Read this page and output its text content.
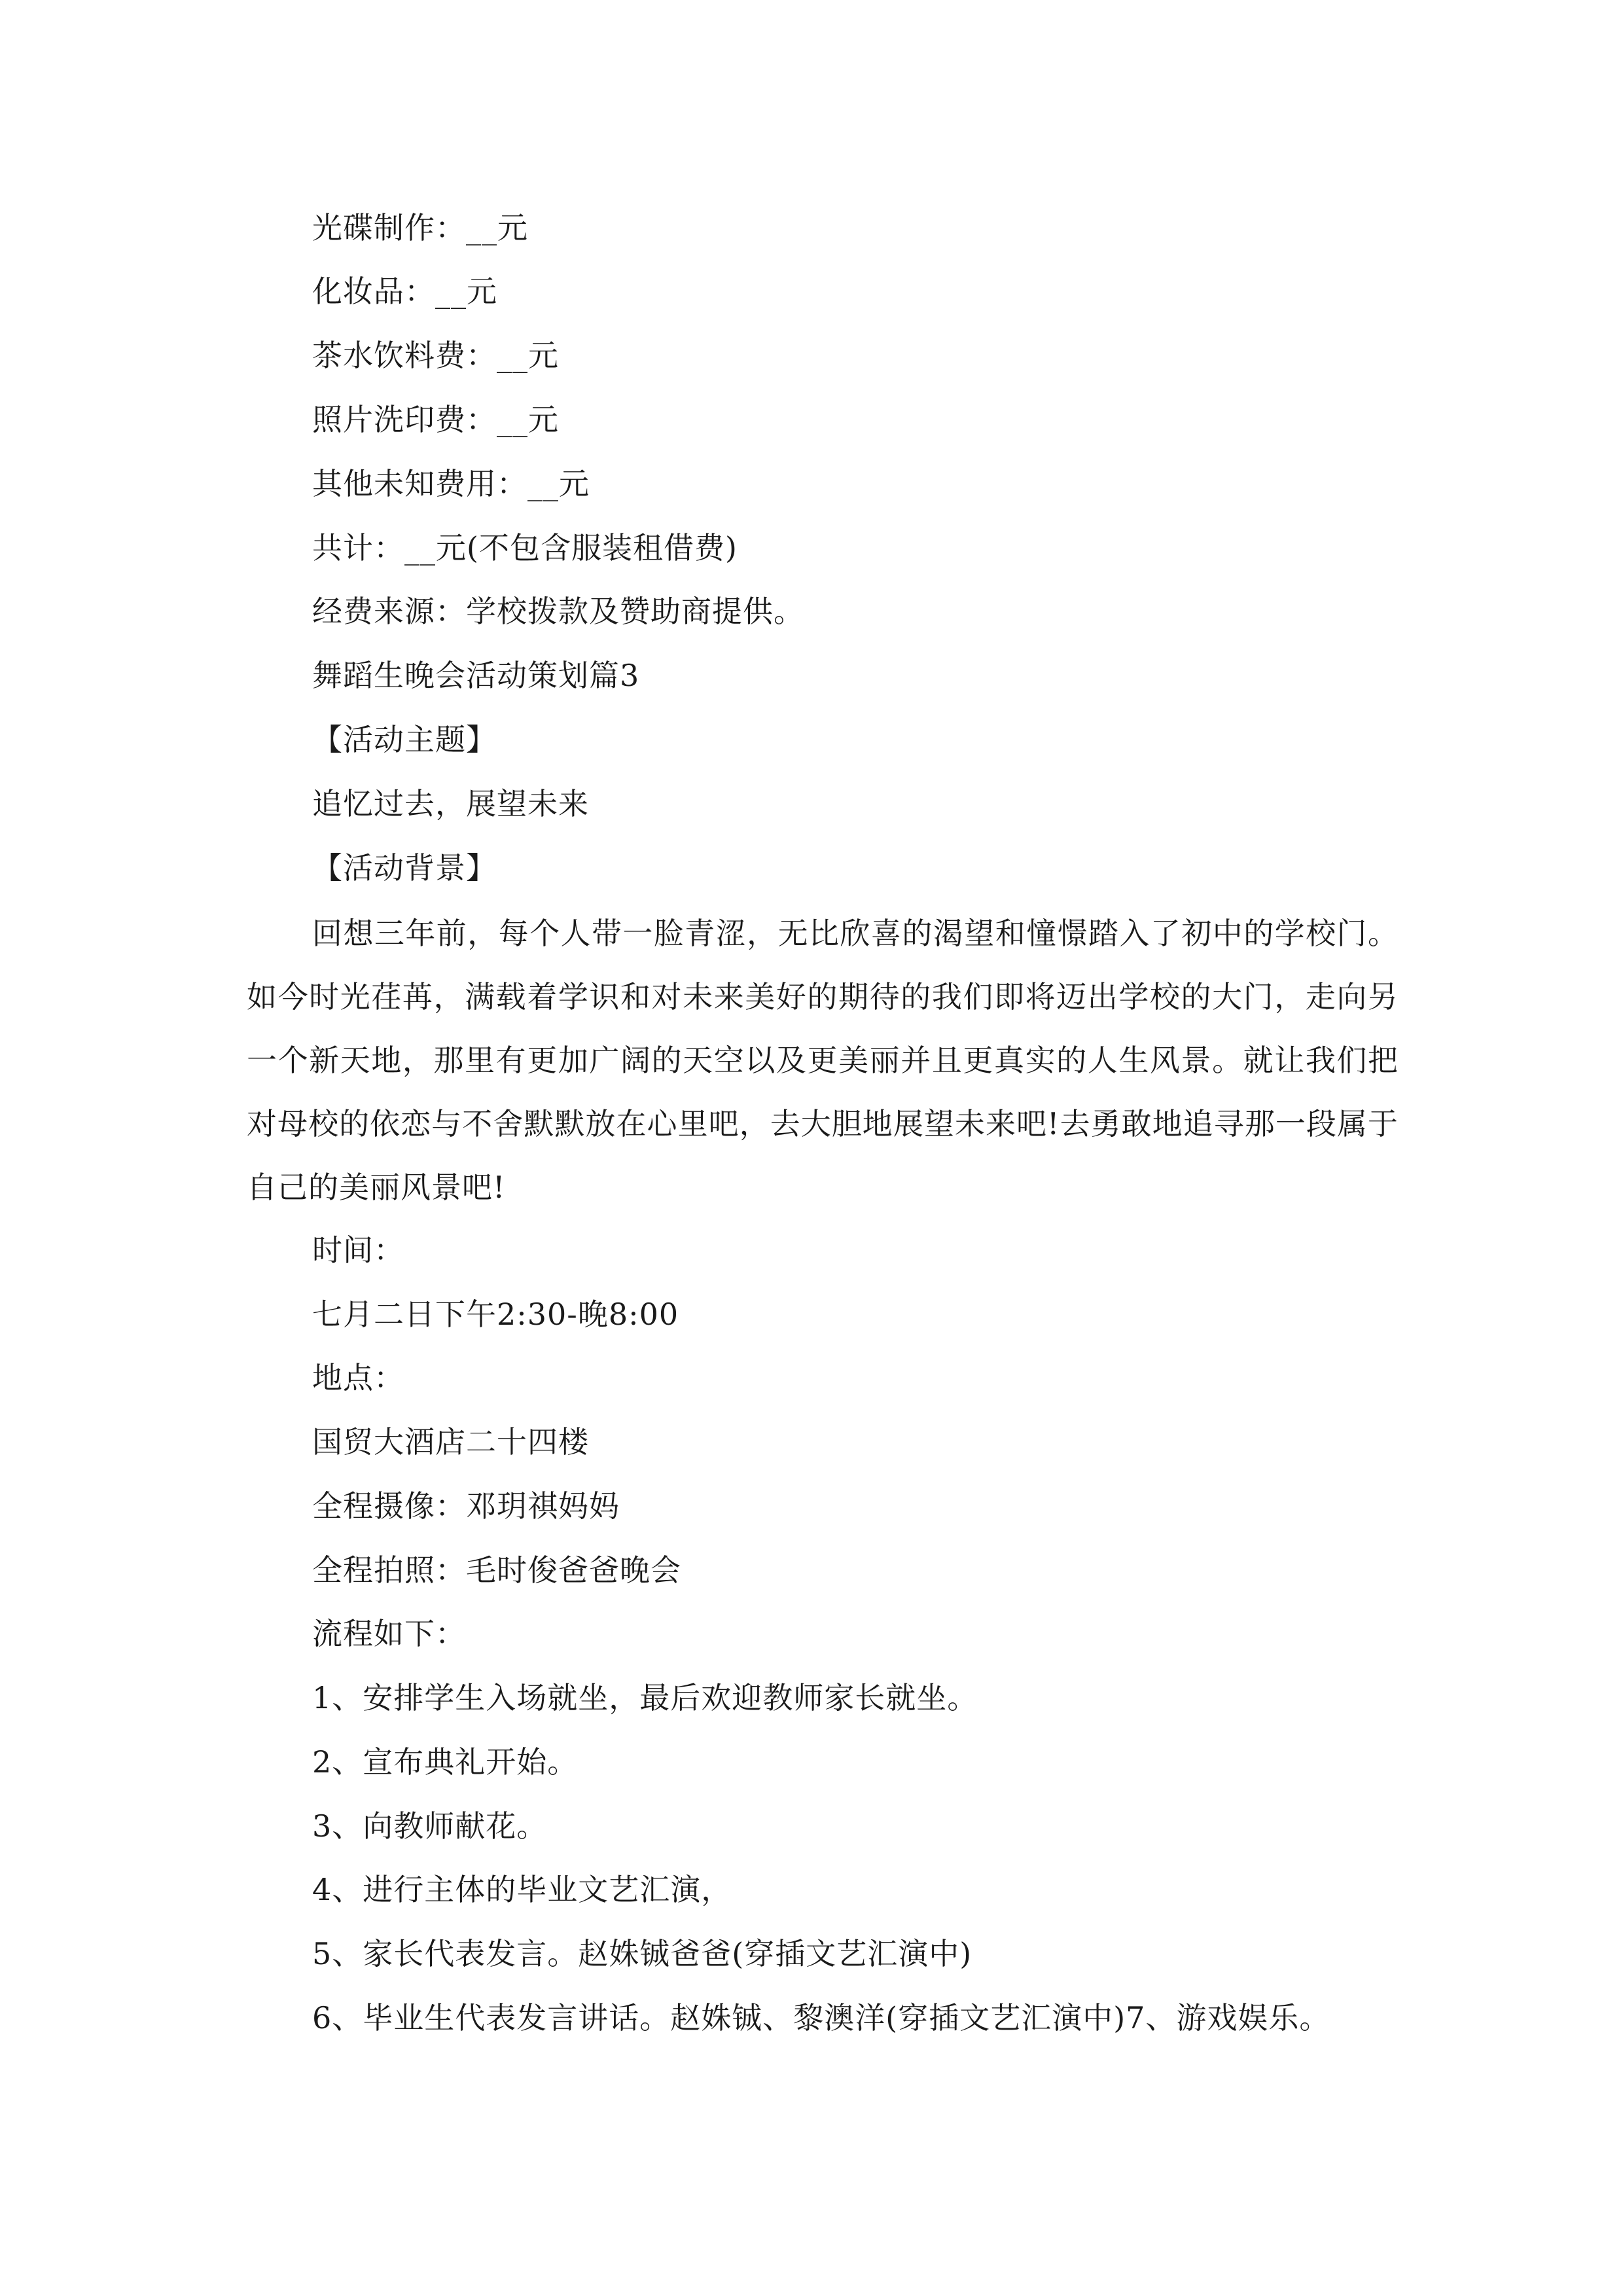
光碟制作：__元
化妆品：__元
茶水饮料费：__元
照片洗印费：__元
其他未知费用：__元
共计：__元(不包含服装租借费)
经费来源：学校拨款及赞助商提供。
舞蹈生晚会活动策划篇3
【活动主题】
追忆过去，展望未来
【活动背景】
回想三年前，每个人带一脸青涩，无比欣喜的渴望和憧憬踏入了初中的学校门。如今时光荏苒，满载着学识和对未来美好的期待的我们即将迈出学校的大门，走向另一个新天地，那里有更加广阔的天空以及更美丽并且更真实的人生风景。就让我们把对母校的依恋与不舍默默放在心里吧，去大胆地展望未来吧!去勇敢地追寻那一段属于自己的美丽风景吧!
时间：
七月二日下午2:30-晚8:00
地点：
国贸大酒店二十四楼
全程摄像：邓玥祺妈妈
全程拍照：毛时俊爸爸晚会
流程如下：
1、安排学生入场就坐，最后欢迎教师家长就坐。
2、宣布典礼开始。
3、向教师献花。
4、进行主体的毕业文艺汇演，
5、家长代表发言。赵姝铖爸爸(穿插文艺汇演中)
6、毕业生代表发言讲话。赵姝铖、黎澳洋(穿插文艺汇演中)7、游戏娱乐。
